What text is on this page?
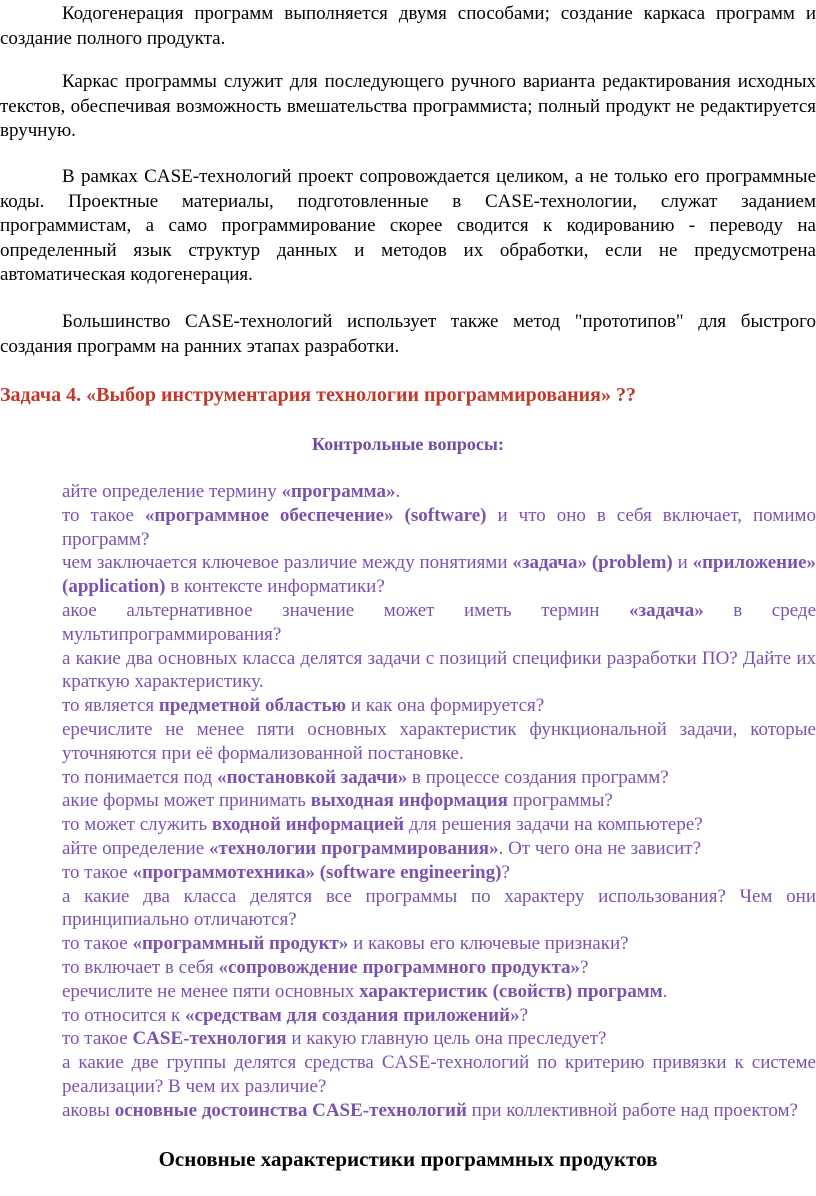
Кодогенерация программ выполняется двумя способами; создание каркаса программ и создание полного продукта.

Каркас программы служит для последующего ручного варианта редактирования исходных текстов, обеспечивая возможность вмешательства программиста; полный продукт не редактируется вручную.

В рамках CASE-технологий проект сопровождается целиком, а не только его программные коды. Проектные материалы, подготовленные в CASE-технологии, служат заданием программистам, а само программирование скорее сводится к кодированию - переводу на определенный язык структур данных и методов их обработки, если не предусмотрена автоматическая кодогенерация.

Большинство CASE-технологий использует также метод "прототипов" для быстрого создания программ на ранних этапах разработки.

Задача 4. «Выбор инструментария технологии программирования» ??
Контрольные вопросы:
айте определение термину «программа».
то такое «программное обеспечение» (software) и что оно в себя включает, помимо программ?
чем заключается ключевое различие между понятиями «задача» (problem) и «приложение» (application) в контексте информатики?
акое альтернативное значение может иметь термин «задача» в среде мультипрограммирования?
а какие два основных класса делятся задачи с позиций специфики разработки ПО? Дайте их краткую характеристику.
то является предметной областью и как она формируется?
еречислите не менее пяти основных характеристик функциональной задачи, которые уточняются при её формализованной постановке.
то понимается под «постановкой задачи» в процессе создания программ?
акие формы может принимать выходная информация программы?
то может служить входной информацией для решения задачи на компьютере?
айте определение «технологии программирования». От чего она не зависит?
то такое «программотехника» (software engineering)?
а какие два класса делятся все программы по характеру использования? Чем они принципиально отличаются?
то такое «программный продукт» и каковы его ключевые признаки?
то включает в себя «сопровождение программного продукта»?
еречислите не менее пяти основных характеристик (свойств) программ.
то относится к «средствам для создания приложений»?
то такое CASE-технология и какую главную цель она преследует?
а какие две группы делятся средства CASE-технологий по критерию привязки к системе реализации? В чем их различие?
аковы основные достоинства CASE-технологий при коллективной работе над проектом?
Основные характеристики программных продуктов
